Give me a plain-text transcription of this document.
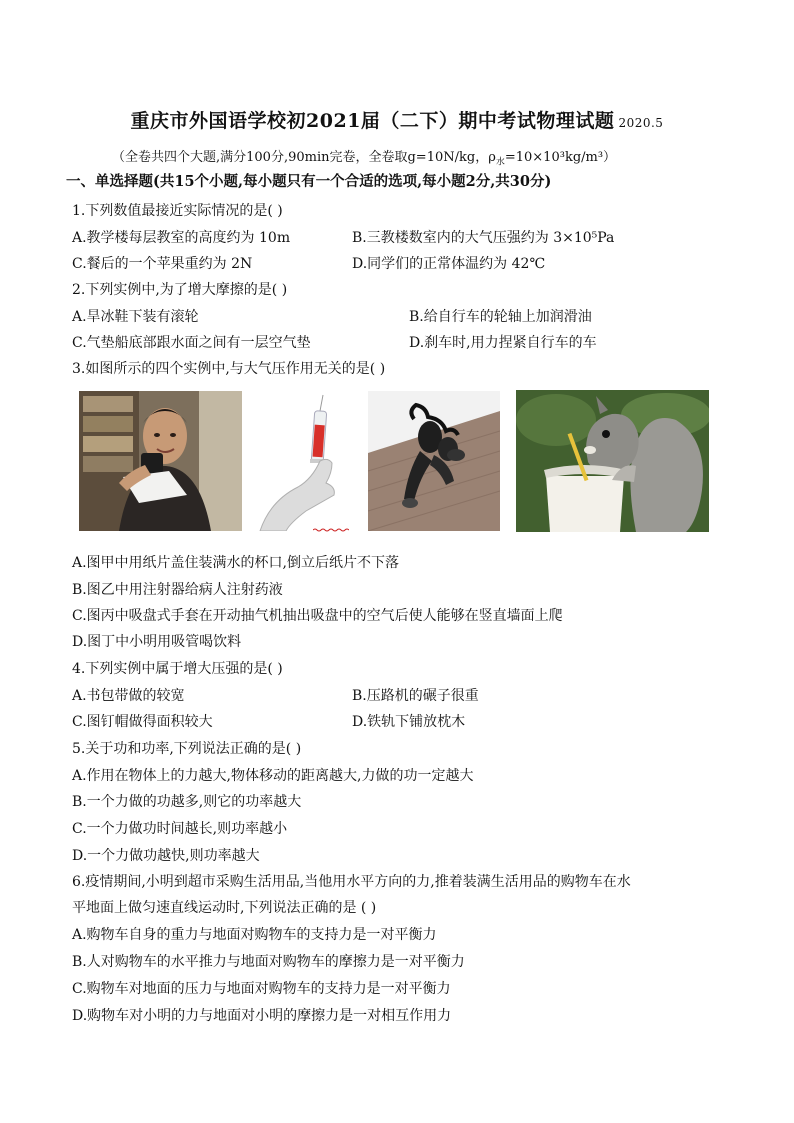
重庆市外国语学校初2021届（二下）期中考试物理试题 2020.5
（全卷共四个大题,满分100分,90min完卷，全卷取g=10N/kg，$\rho_水=10\times 10^3kg/m^3$）
一、单选择题(共15个小题,每小题只有一个合适的选项,每小题2分,共30分)
1.下列数值最接近实际情况的是( )
A.教学楼每层教室的高度约为 10m	B.三教楼数室内的大气压强约为 3×10⁵Pa
C.餐后的一个苹果重约为 2N	D.同学们的正常体温约为 42℃
2.下列实例中,为了增大摩擦的是( )
A.旱冰鞋下装有滚轮	B.给自行车的轮轴上加润滑油
C.气垫船底部跟水面之间有一层空气垫	D.刹车时,用力捏紧自行车的车
3.如图所示的四个实例中,与大气压作用无关的是( )
A.图甲中用纸片盖住装满水的杯口,倒立后纸片不下落
B.图乙中用注射器给病人注射药液
C.图丙中吸盘式手套在开动抽气机抽出吸盘中的空气后使人能够在竖直墙面上爬
D.图丁中小明用吸管喝饮料
4.下列实例中属于增大压强的是( )
A.书包带做的较宽	B.压路机的碾子很重
C.图钉帽做得面积较大	D.铁轨下铺放枕木
5.关于功和功率,下列说法正确的是( )
A.作用在物体上的力越大,物体移动的距离越大,力做的功一定越大
B.一个力做的功越多,则它的功率越大
C.一个力做功时间越长,则功率越小
D.一个力做功越快,则功率越大
6.疫情期间,小明到超市采购生活用品,当他用水平方向的力,推着装满生活用品的购物车在水
平地面上做匀速直线运动时,下列说法正确的是 ( )
A.购物车自身的重力与地面对购物车的支持力是一对平衡力
B.人对购物车的水平推力与地面对购物车的摩擦力是一对平衡力
C.购物车对地面的压力与地面对购物车的支持力是一对平衡力
D.购物车对小明的力与地面对小明的摩擦力是一对相互作用力
